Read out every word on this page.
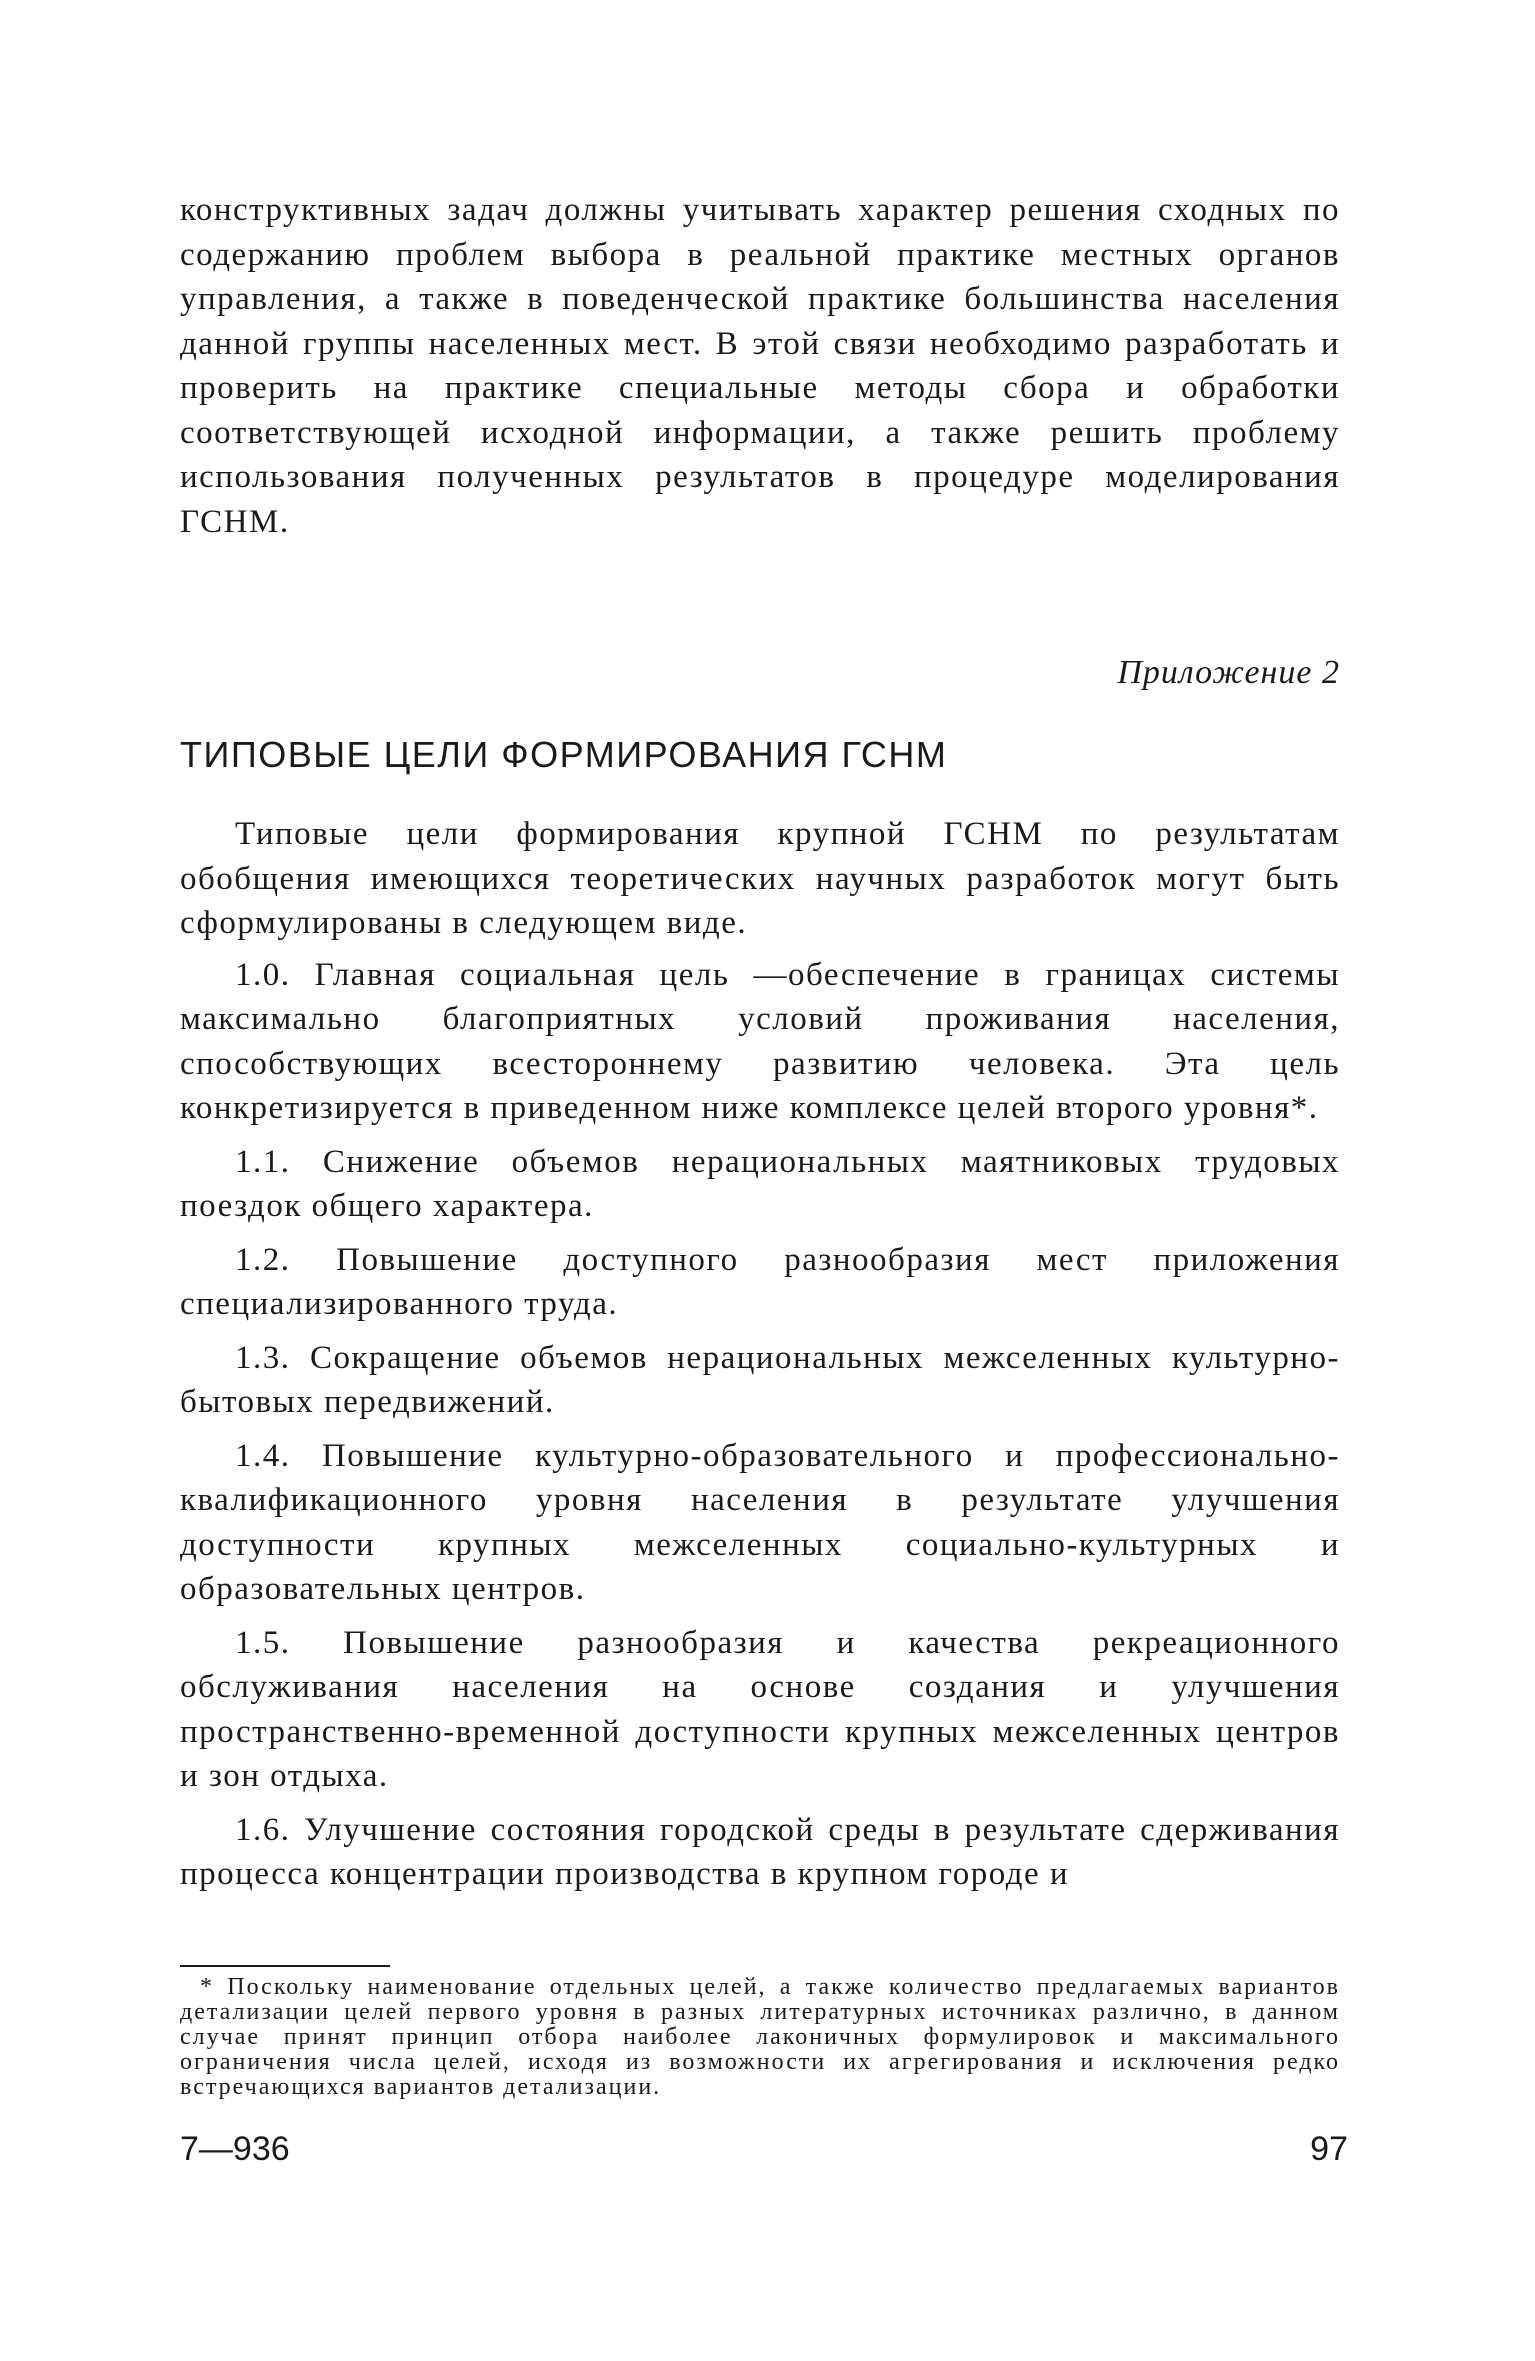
конструктивных задач должны учитывать характер решения сходных по содержанию проблем выбора в реальной практике местных органов управления, а также в поведенческой практике большинства населения данной группы населенных мест. В этой связи необходимо разработать и проверить на практике специальные методы сбора и обработки соответствующей исходной информации, а также решить проблему использования полученных результатов в процедуре моделирования ГСНМ.

Приложение 2
ТИПОВЫЕ ЦЕЛИ ФОРМИРОВАНИЯ ГСНМ

Типовые цели формирования крупной ГСНМ по результатам обобщения имеющихся теоретических научных разработок могут быть сформулированы в следующем виде.

1.0. Главная социальная цель —обеспечение в границах системы максимально благоприятных условий проживания населения, способствующих всестороннему развитию человека. Эта цель конкретизируется в приведенном ниже комплексе целей второго уровня*.

1.1. Снижение объемов нерациональных маятниковых трудовых поездок общего характера.

1.2. Повышение доступного разнообразия мест приложения специализированного труда.

1.3. Сокращение объемов нерациональных межселенных культурно-бытовых передвижений.

1.4. Повышение культурно-образовательного и профессионально-квалификационного уровня населения в результате улучшения доступности крупных межселенных социально-культурных и образовательных центров.

1.5. Повышение разнообразия и качества рекреационного обслуживания населения на основе создания и улучшения пространственно-временной доступности крупных межселенных центров и зон отдыха.

1.6. Улучшение состояния городской среды в результате сдерживания процесса концентрации производства в крупном городе и

* Поскольку наименование отдельных целей, а также количество предлагаемых вариантов детализации целей первого уровня в разных литературных источниках различно, в данном случае принят принцип отбора наиболее лаконичных формулировок и максимального ограничения числа целей, исходя из возможности их агрегирования и исключения редко встречающихся вариантов детализации.

7—936	97
